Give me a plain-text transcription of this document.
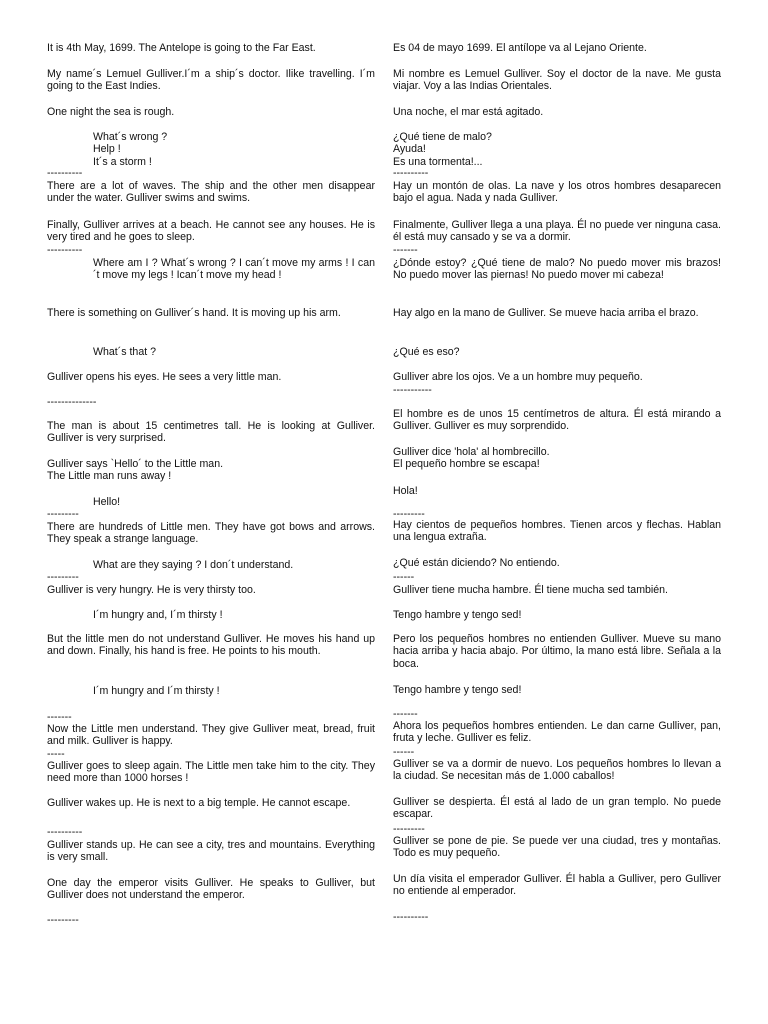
It is 4th May, 1699. The Antelope is going to the Far East.

My name´s Lemuel Gulliver.I´m a ship´s doctor. Ilike travelling. I´m going to the East Indies.

One night the sea is rough.

What´s wrong ?
Help !
It´s a storm !

----------

There are a lot of waves. The ship and the other men disappear under the water. Gulliver swims and swims.

Finally, Gulliver arrives at a beach. He cannot see any houses. He is very tired and he goes to sleep.

----------

Where am I ? What´s wrong ? I can´t move my arms ! I can´t move my legs ! Ican´t move my head !

There is something on Gulliver´s hand. It is moving up his arm.

What´s that ?

Gulliver opens his eyes. He sees a very little man.

--------------

The man is about 15 centimetres tall. He is looking at Gulliver. Gulliver is very surprised.

Gulliver says `Hello´ to the Little man.
The Little man runs away !

Hello!

---------

There are hundreds of Little men. They have got bows and arrows. They speak a strange language.

What are they saying ? I don´t understand.

---------

Gulliver is very hungry. He is very thirsty too.

I´m hungry and, I´m thirsty !

But the little men do not understand Gulliver. He moves his hand up and down. Finally, his hand is free. He points to his mouth.

I´m hungry and I´m thirsty !

-------

Now the Little men understand. They give Gulliver meat, bread, fruit and milk. Gulliver is happy.

-----

Gulliver goes to sleep again. The Little men take him to the city. They need more than 1000 horses !

Gulliver wakes up. He is next to a big temple. He cannot escape.

----------

Gulliver stands up. He can see a city, tres and mountains. Everything is very small.

One day the emperor visits Gulliver. He speaks to Gulliver, but Gulliver does not understand the emperor.

---------

Es 04 de mayo 1699. El antílope va al Lejano Oriente.

Mi nombre es Lemuel Gulliver. Soy el doctor de la nave. Me gusta viajar. Voy a las Indias Orientales.

Una noche, el mar está agitado.

¿Qué tiene de malo?
Ayuda!
Es una tormenta!...

----------

Hay un montón de olas. La nave y los otros hombres desaparecen bajo el agua. Nada y nada Gulliver.

Finalmente, Gulliver llega a una playa. Él no puede ver ninguna casa. él está muy cansado y se va a dormir.

-------

¿Dónde estoy? ¿Qué tiene de malo? No puedo mover mis brazos! No puedo mover las piernas! No puedo mover mi cabeza!

Hay algo en la mano de Gulliver. Se mueve hacia arriba el brazo.

¿Qué es eso?

Gulliver abre los ojos. Ve a un hombre muy pequeño.

-----------

El hombre es de unos 15 centímetros de altura. Él está mirando a Gulliver. Gulliver es muy sorprendido.

Gulliver dice 'hola' al hombrecillo.
El pequeño hombre se escapa!

Hola!

---------

Hay cientos de pequeños hombres. Tienen arcos y flechas. Hablan una lengua extraña.

¿Qué están diciendo? No entiendo.

------

Gulliver tiene mucha hambre. Él tiene mucha sed también.

Tengo hambre y tengo sed!

Pero los pequeños hombres no entienden Gulliver. Mueve su mano hacia arriba y hacia abajo. Por último, la mano está libre. Señala a la boca.

Tengo hambre y tengo sed!

-------

Ahora los pequeños hombres entienden. Le dan carne Gulliver, pan, fruta y leche. Gulliver es feliz.

------

Gulliver se va a dormir de nuevo. Los pequeños hombres lo llevan a la ciudad. Se necesitan más de 1.000 caballos!

Gulliver se despierta. Él está al lado de un gran templo. No puede escapar.

---------

Gulliver se pone de pie. Se puede ver una ciudad, tres y montañas. Todo es muy pequeño.

Un día visita el emperador Gulliver. Él habla a Gulliver, pero Gulliver no entiende al emperador.

----------
